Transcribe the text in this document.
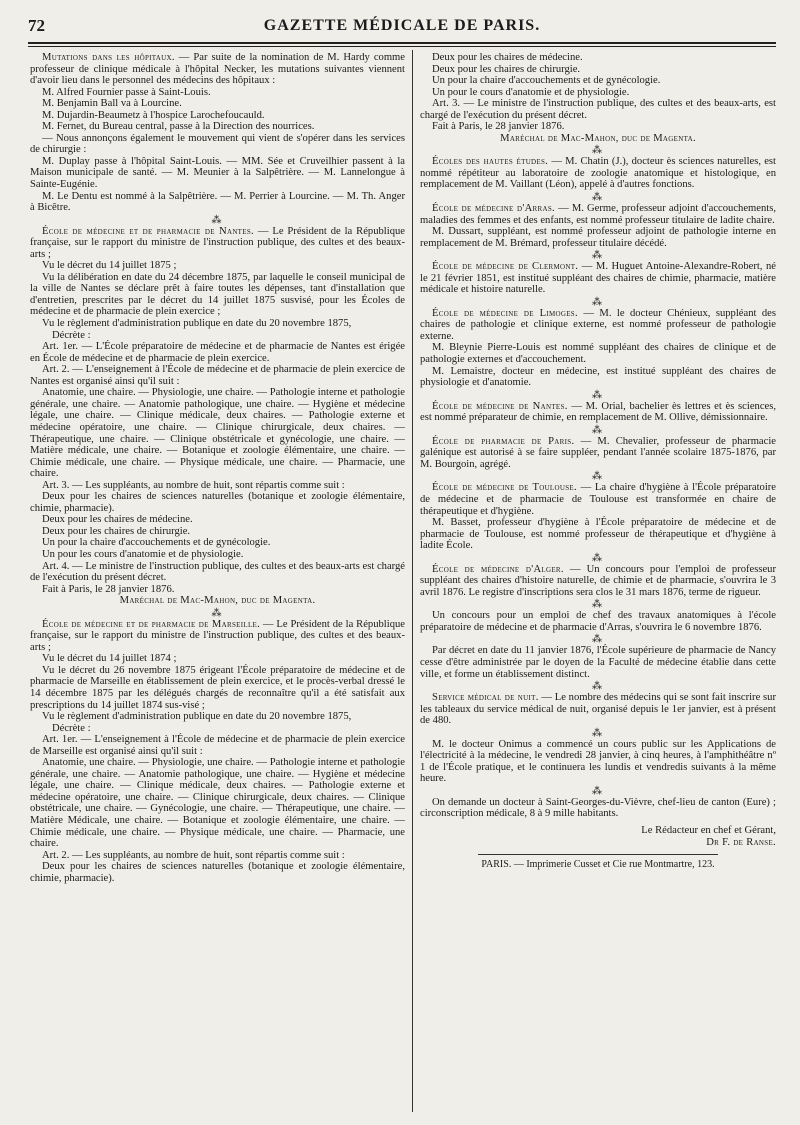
72	GAZETTE MÉDICALE DE PARIS.

Mutations dans les hôpitaux. — Par suite de la nomination de M. Hardy comme professeur de clinique médicale à l'hôpital Necker, les mutations suivantes viennent d'avoir lieu dans le personnel des médecins des hôpitaux :

M. Alfred Fournier passe à Saint-Louis.

M. Benjamin Ball va à Lourcine.

M. Dujardin-Beaumetz à l'hospice Larochefoucauld.

M. Fernet, du Bureau central, passe à la Direction des nourrices.

— Nous annonçons également le mouvement qui vient de s'opérer dans les services de chirurgie :

M. Duplay passe à l'hôpital Saint-Louis. — MM. Sée et Cruveilhier passent à la Maison municipale de santé. — M. Meunier à la Salpêtrière. — M. Lannelongue à Sainte-Eugénie.

M. Le Dentu est nommé à la Salpêtrière. — M. Perrier à Lourcine. — M. Th. Anger à Bicêtre.

⁂

École de médecine et de pharmacie de Nantes. — Le Président de la République française, sur le rapport du ministre de l'instruction publique, des cultes et des beaux-arts ;

Vu le décret du 14 juillet 1875 ;

Vu la délibération en date du 24 décembre 1875, par laquelle le conseil municipal de la ville de Nantes se déclare prêt à faire toutes les dépenses, tant d'installation que d'entretien, prescrites par le décret du 14 juillet 1875 susvisé, pour les Écoles de médecine et de pharmacie de plein exercice ;

Vu le règlement d'administration publique en date du 20 novembre 1875,

Décrète :

Art. 1er. — L'École préparatoire de médecine et de pharmacie de Nantes est érigée en École de médecine et de pharmacie de plein exercice.

Art. 2. — L'enseignement à l'École de médecine et de pharmacie de plein exercice de Nantes est organisé ainsi qu'il suit :

Anatomie, une chaire. — Physiologie, une chaire. — Pathologie interne et pathologie générale, une chaire. — Anatomie pathologique, une chaire. — Hygiène et médecine légale, une chaire. — Clinique médicale, deux chaires. — Pathologie externe et médecine opératoire, une chaire. — Clinique chirurgicale, deux chaires. — Thérapeutique, une chaire. — Clinique obstétricale et gynécologie, une chaire. — Matière médicale, une chaire. — Botanique et zoologie élémentaire, une chaire. — Chimie médicale, une chaire. — Physique médicale, une chaire. — Pharmacie, une chaire.

Art. 3. — Les suppléants, au nombre de huit, sont répartis comme suit :

Deux pour les chaires de sciences naturelles (botanique et zoologie élémentaire, chimie, pharmacie).

Deux pour les chaires de médecine.

Deux pour les chaires de chirurgie.

Un pour la chaire d'accouchements et de gynécologie.

Un pour les cours d'anatomie et de physiologie.

Art. 4. — Le ministre de l'instruction publique, des cultes et des beaux-arts est chargé de l'exécution du présent décret.

Fait à Paris, le 28 janvier 1876.

Maréchal de Mac-Mahon, duc de Magenta.

⁂

École de médecine et de pharmacie de Marseille. — Le Président de la République française, sur le rapport du ministre de l'instruction publique, des cultes et des beaux-arts ;

Vu le décret du 14 juillet 1874 ;

Vu le décret du 26 novembre 1875 érigeant l'École préparatoire de médecine et de pharmacie de Marseille en établissement de plein exercice, et le procès-verbal dressé le 14 décembre 1875 par les délégués chargés de reconnaître qu'il a été satisfait aux prescriptions du 14 juillet 1874 sus-visé ;

Vu le règlement d'administration publique en date du 20 novembre 1875,

Décrète :

Art. 1er. — L'enseignement à l'École de médecine et de pharmacie de plein exercice de Marseille est organisé ainsi qu'il suit :

Anatomie, une chaire. — Physiologie, une chaire. — Pathologie interne et pathologie générale, une chaire. — Anatomie pathologique, une chaire. — Hygiène et médecine légale, une chaire. — Clinique médicale, deux chaires. — Pathologie externe et médecine opératoire, une chaire. — Clinique chirurgicale, deux chaires. — Clinique obstétricale, une chaire. — Gynécologie, une chaire. — Thérapeutique, une chaire. — Matière Médicale, une chaire. — Botanique et zoologie élémentaire, une chaire. — Chimie médicale, une chaire. — Physique médicale, une chaire. — Pharmacie, une chaire.

Art. 2. — Les suppléants, au nombre de huit, sont répartis comme suit :

Deux pour les chaires de sciences naturelles (botanique et zoologie élémentaire, chimie, pharmacie).

Deux pour les chaires de médecine.

Deux pour les chaires de chirurgie.

Un pour la chaire d'accouchements et de gynécologie.

Un pour le cours d'anatomie et de physiologie.

Art. 3. — Le ministre de l'instruction publique, des cultes et des beaux-arts, est chargé de l'exécution du présent décret.

Fait à Paris, le 28 janvier 1876.

Maréchal de Mac-Mahon, duc de Magenta.

⁂

Écoles des hautes études. — M. Chatin (J.), docteur ès sciences naturelles, est nommé répétiteur au laboratoire de zoologie anatomique et histologique, en remplacement de M. Vaillant (Léon), appelé à d'autres fonctions.

⁂

École de médecine d'Arras. — M. Germe, professeur adjoint d'accouchements, maladies des femmes et des enfants, est nommé professeur titulaire de ladite chaire.

M. Dussart, suppléant, est nommé professeur adjoint de pathologie interne en remplacement de M. Brémard, professeur titulaire décédé.

⁂

École de médecine de Clermont. — M. Huguet Antoine-Alexandre-Robert, né le 21 février 1851, est institué suppléant des chaires de chimie, pharmacie, matière médicale et histoire naturelle.

⁂

École de médecine de Limoges. — M. le docteur Chénieux, suppléant des chaires de pathologie et clinique externe, est nommé professeur de pathologie externe.

M. Bleynie Pierre-Louis est nommé suppléant des chaires de clinique et de pathologie externes et d'accouchement.

M. Lemaistre, docteur en médecine, est institué suppléant des chaires de physiologie et d'anatomie.

⁂

École de médecine de Nantes. — M. Orial, bachelier ès lettres et ès sciences, est nommé préparateur de chimie, en remplacement de M. Ollive, démissionnaire.

⁂

École de pharmacie de Paris. — M. Chevalier, professeur de pharmacie galénique est autorisé à se faire suppléer, pendant l'année scolaire 1875-1876, par M. Bourgoin, agrégé.

⁂

École de médecine de Toulouse. — La chaire d'hygiène à l'École préparatoire de médecine et de pharmacie de Toulouse est transformée en chaire de thérapeutique et d'hygiène.

M. Basset, professeur d'hygiène à l'École préparatoire de médecine et de pharmacie de Toulouse, est nommé professeur de thérapeutique et d'hygiène à ladite École.

⁂

École de médecine d'Alger. — Un concours pour l'emploi de professeur suppléant des chaires d'histoire naturelle, de chimie et de pharmacie, s'ouvrira le 3 avril 1876. Le registre d'inscriptions sera clos le 31 mars 1876, terme de rigueur.

⁂

Un concours pour un emploi de chef des travaux anatomiques à l'école préparatoire de médecine et de pharmacie d'Arras, s'ouvrira le 6 novembre 1876.

⁂

Par décret en date du 11 janvier 1876, l'École supérieure de pharmacie de Nancy cesse d'être administrée par le doyen de la Faculté de médecine établie dans cette ville, et forme un établissement distinct.

⁂

Service médical de nuit. — Le nombre des médecins qui se sont fait inscrire sur les tableaux du service médical de nuit, organisé depuis le 1er janvier, est à présent de 480.

⁂

M. le docteur Onimus a commencé un cours public sur les Applications de l'électricité à la médecine, le vendredi 28 janvier, à cinq heures, à l'amphithéâtre nº 1 de l'École pratique, et le continuera les lundis et vendredis suivants à la même heure.

⁂

On demande un docteur à Saint-Georges-du-Vièvre, chef-lieu de canton (Eure) ; circonscription médicale, 8 à 9 mille habitants.

Le Rédacteur en chef et Gérant,

Dr F. de Ranse.

PARIS. — Imprimerie Cusset et Cie rue Montmartre, 123.
